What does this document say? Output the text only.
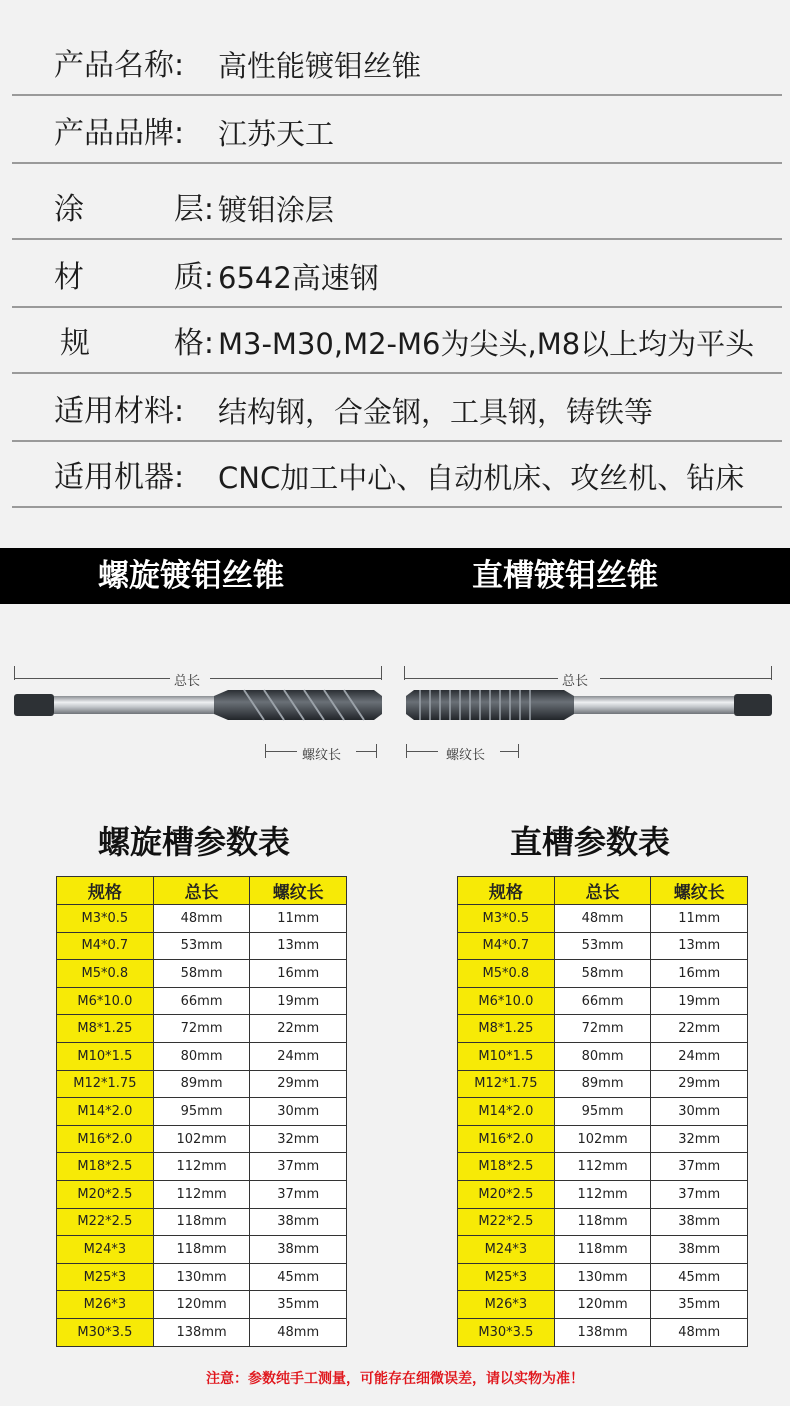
产品名称:	高性能镀钼丝锥
产品品牌:	江苏天工
涂	层: 镀钼涂层
材	质: 6542高速钢
规	格: M3-M30,M2-M6为尖头,M8以上均为平头
适用材料:	结构钢，合金钢，工具钢，铸铁等
适用机器:	CNC加工中心、自动机床、攻丝机、钻床
螺旋镀钼丝锥	直槽镀钼丝锥
总长
螺纹长
总长
螺纹长
螺旋槽参数表
规格	总长	螺纹长
M3*0.5	48mm	11mm
M4*0.7	53mm	13mm
M5*0.8	58mm	16mm
M6*10.0	66mm	19mm
M8*1.25	72mm	22mm
M10*1.5	80mm	24mm
M12*1.75	89mm	29mm
M14*2.0	95mm	30mm
M16*2.0	102mm	32mm
M18*2.5	112mm	37mm
M20*2.5	112mm	37mm
M22*2.5	118mm	38mm
M24*3	118mm	38mm
M25*3	130mm	45mm
M26*3	120mm	35mm
M30*3.5	138mm	48mm
直槽参数表
规格	总长	螺纹长
M3*0.5	48mm	11mm
M4*0.7	53mm	13mm
M5*0.8	58mm	16mm
M6*10.0	66mm	19mm
M8*1.25	72mm	22mm
M10*1.5	80mm	24mm
M12*1.75	89mm	29mm
M14*2.0	95mm	30mm
M16*2.0	102mm	32mm
M18*2.5	112mm	37mm
M20*2.5	112mm	37mm
M22*2.5	118mm	38mm
M24*3	118mm	38mm
M25*3	130mm	45mm
M26*3	120mm	35mm
M30*3.5	138mm	48mm
注意：参数纯手工测量，可能存在细微误差，请以实物为准！
